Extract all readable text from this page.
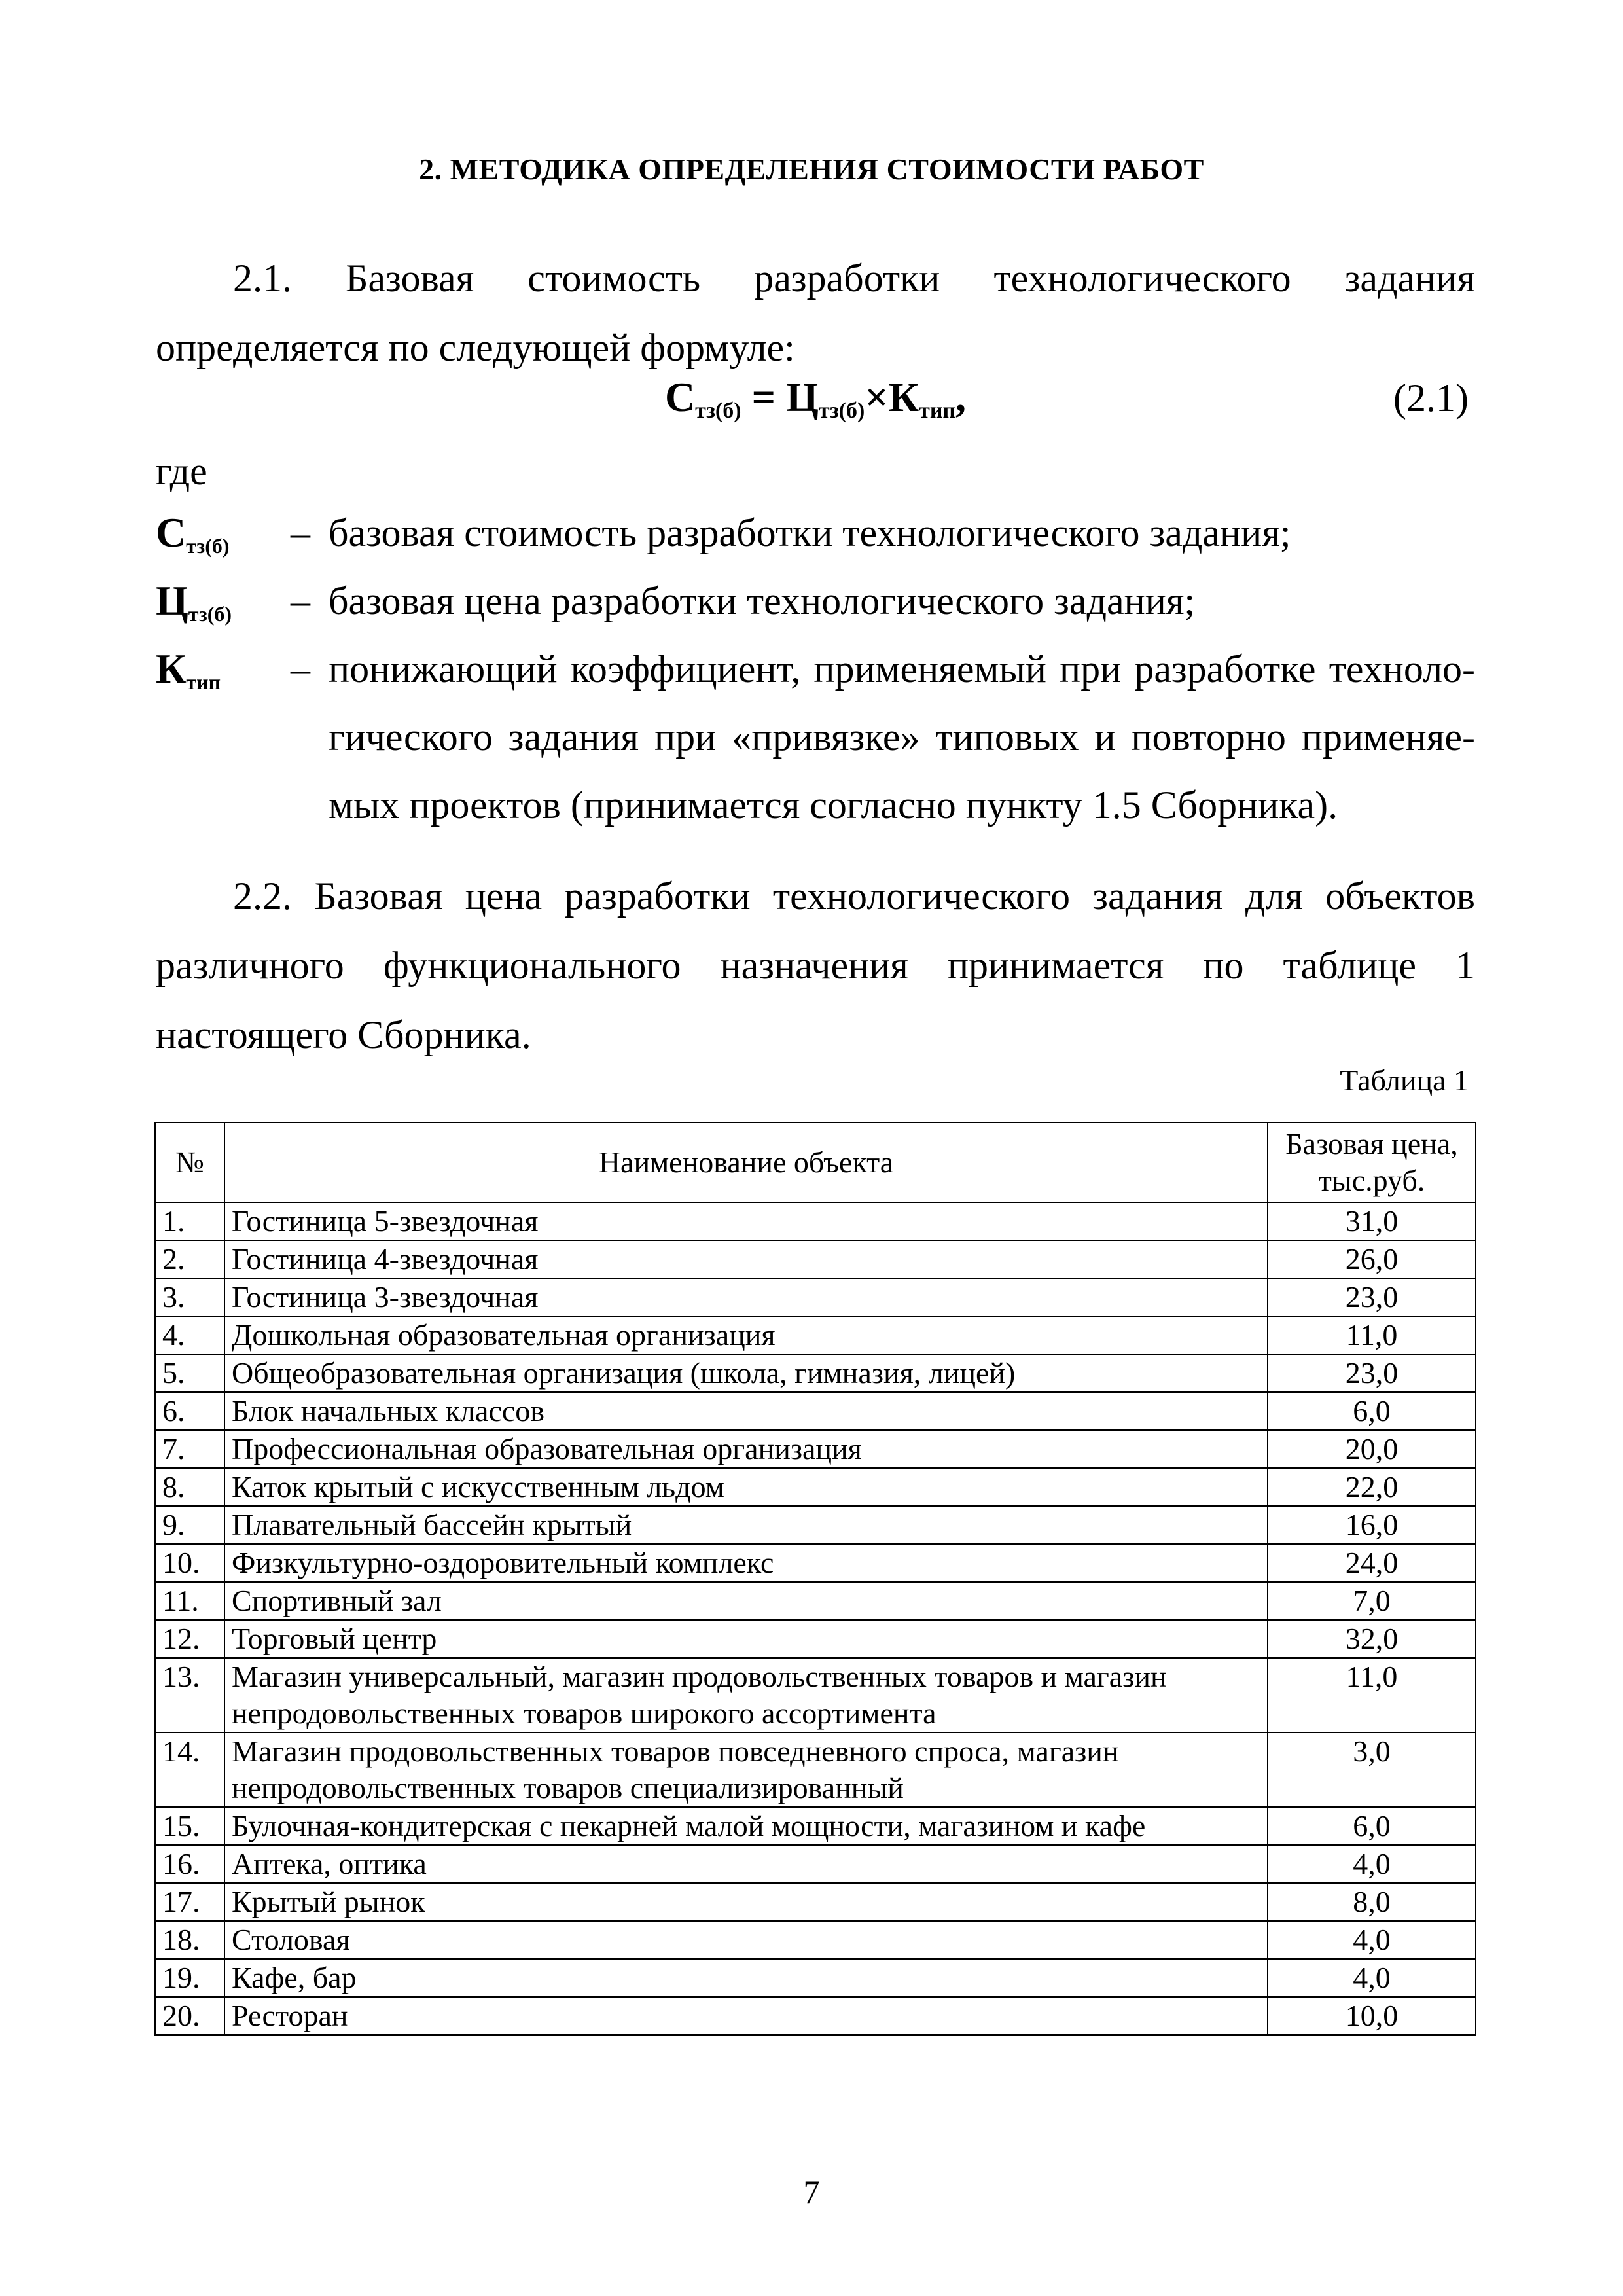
2. МЕТОДИКА ОПРЕДЕЛЕНИЯ СТОИМОСТИ РАБОТ
2.1. Базовая стоимость разработки технологического задания определяется по следующей формуле:
$С_{тз(б)} = Ц_{тз(б)}\times К_{тип}$,	(2.1)
где
$С_{тз(б)}$ – базовая стоимость разработки технологического задания;
$Ц_{тз(б)}$ – базовая цена разработки технологического задания;
$К_{тип}$ – понижающий коэффициент, применяемый при разработке технологического задания при «привязке» типовых и повторно применяемых проектов (принимается согласно пункту 1.5 Сборника).
2.2. Базовая цена разработки технологического задания для объектов различного функционального назначения принимается по таблице 1 настоящего Сборника.
Таблица 1
№	Наименование объекта	Базовая цена, тыс.руб.
1.	Гостиница 5-звездочная	31,0
2.	Гостиница 4-звездочная	26,0
3.	Гостиница 3-звездочная	23,0
4.	Дошкольная образовательная организация	11,0
5.	Общеобразовательная организация (школа, гимназия, лицей)	23,0
6.	Блок начальных классов	6,0
7.	Профессиональная образовательная организация	20,0
8.	Каток крытый с искусственным льдом	22,0
9.	Плавательный бассейн крытый	16,0
10.	Физкультурно-оздоровительный комплекс	24,0
11.	Спортивный зал	7,0
12.	Торговый центр	32,0
13.	Магазин универсальный, магазин продовольственных товаров и магазин непродовольственных товаров широкого ассортимента	11,0
14.	Магазин продовольственных товаров повседневного спроса, магазин непродовольственных товаров специализированный	3,0
15.	Булочная-кондитерская с пекарней малой мощности, магазином и кафе	6,0
16.	Аптека, оптика	4,0
17.	Крытый рынок	8,0
18.	Столовая	4,0
19.	Кафе, бар	4,0
20.	Ресторан	10,0
7
